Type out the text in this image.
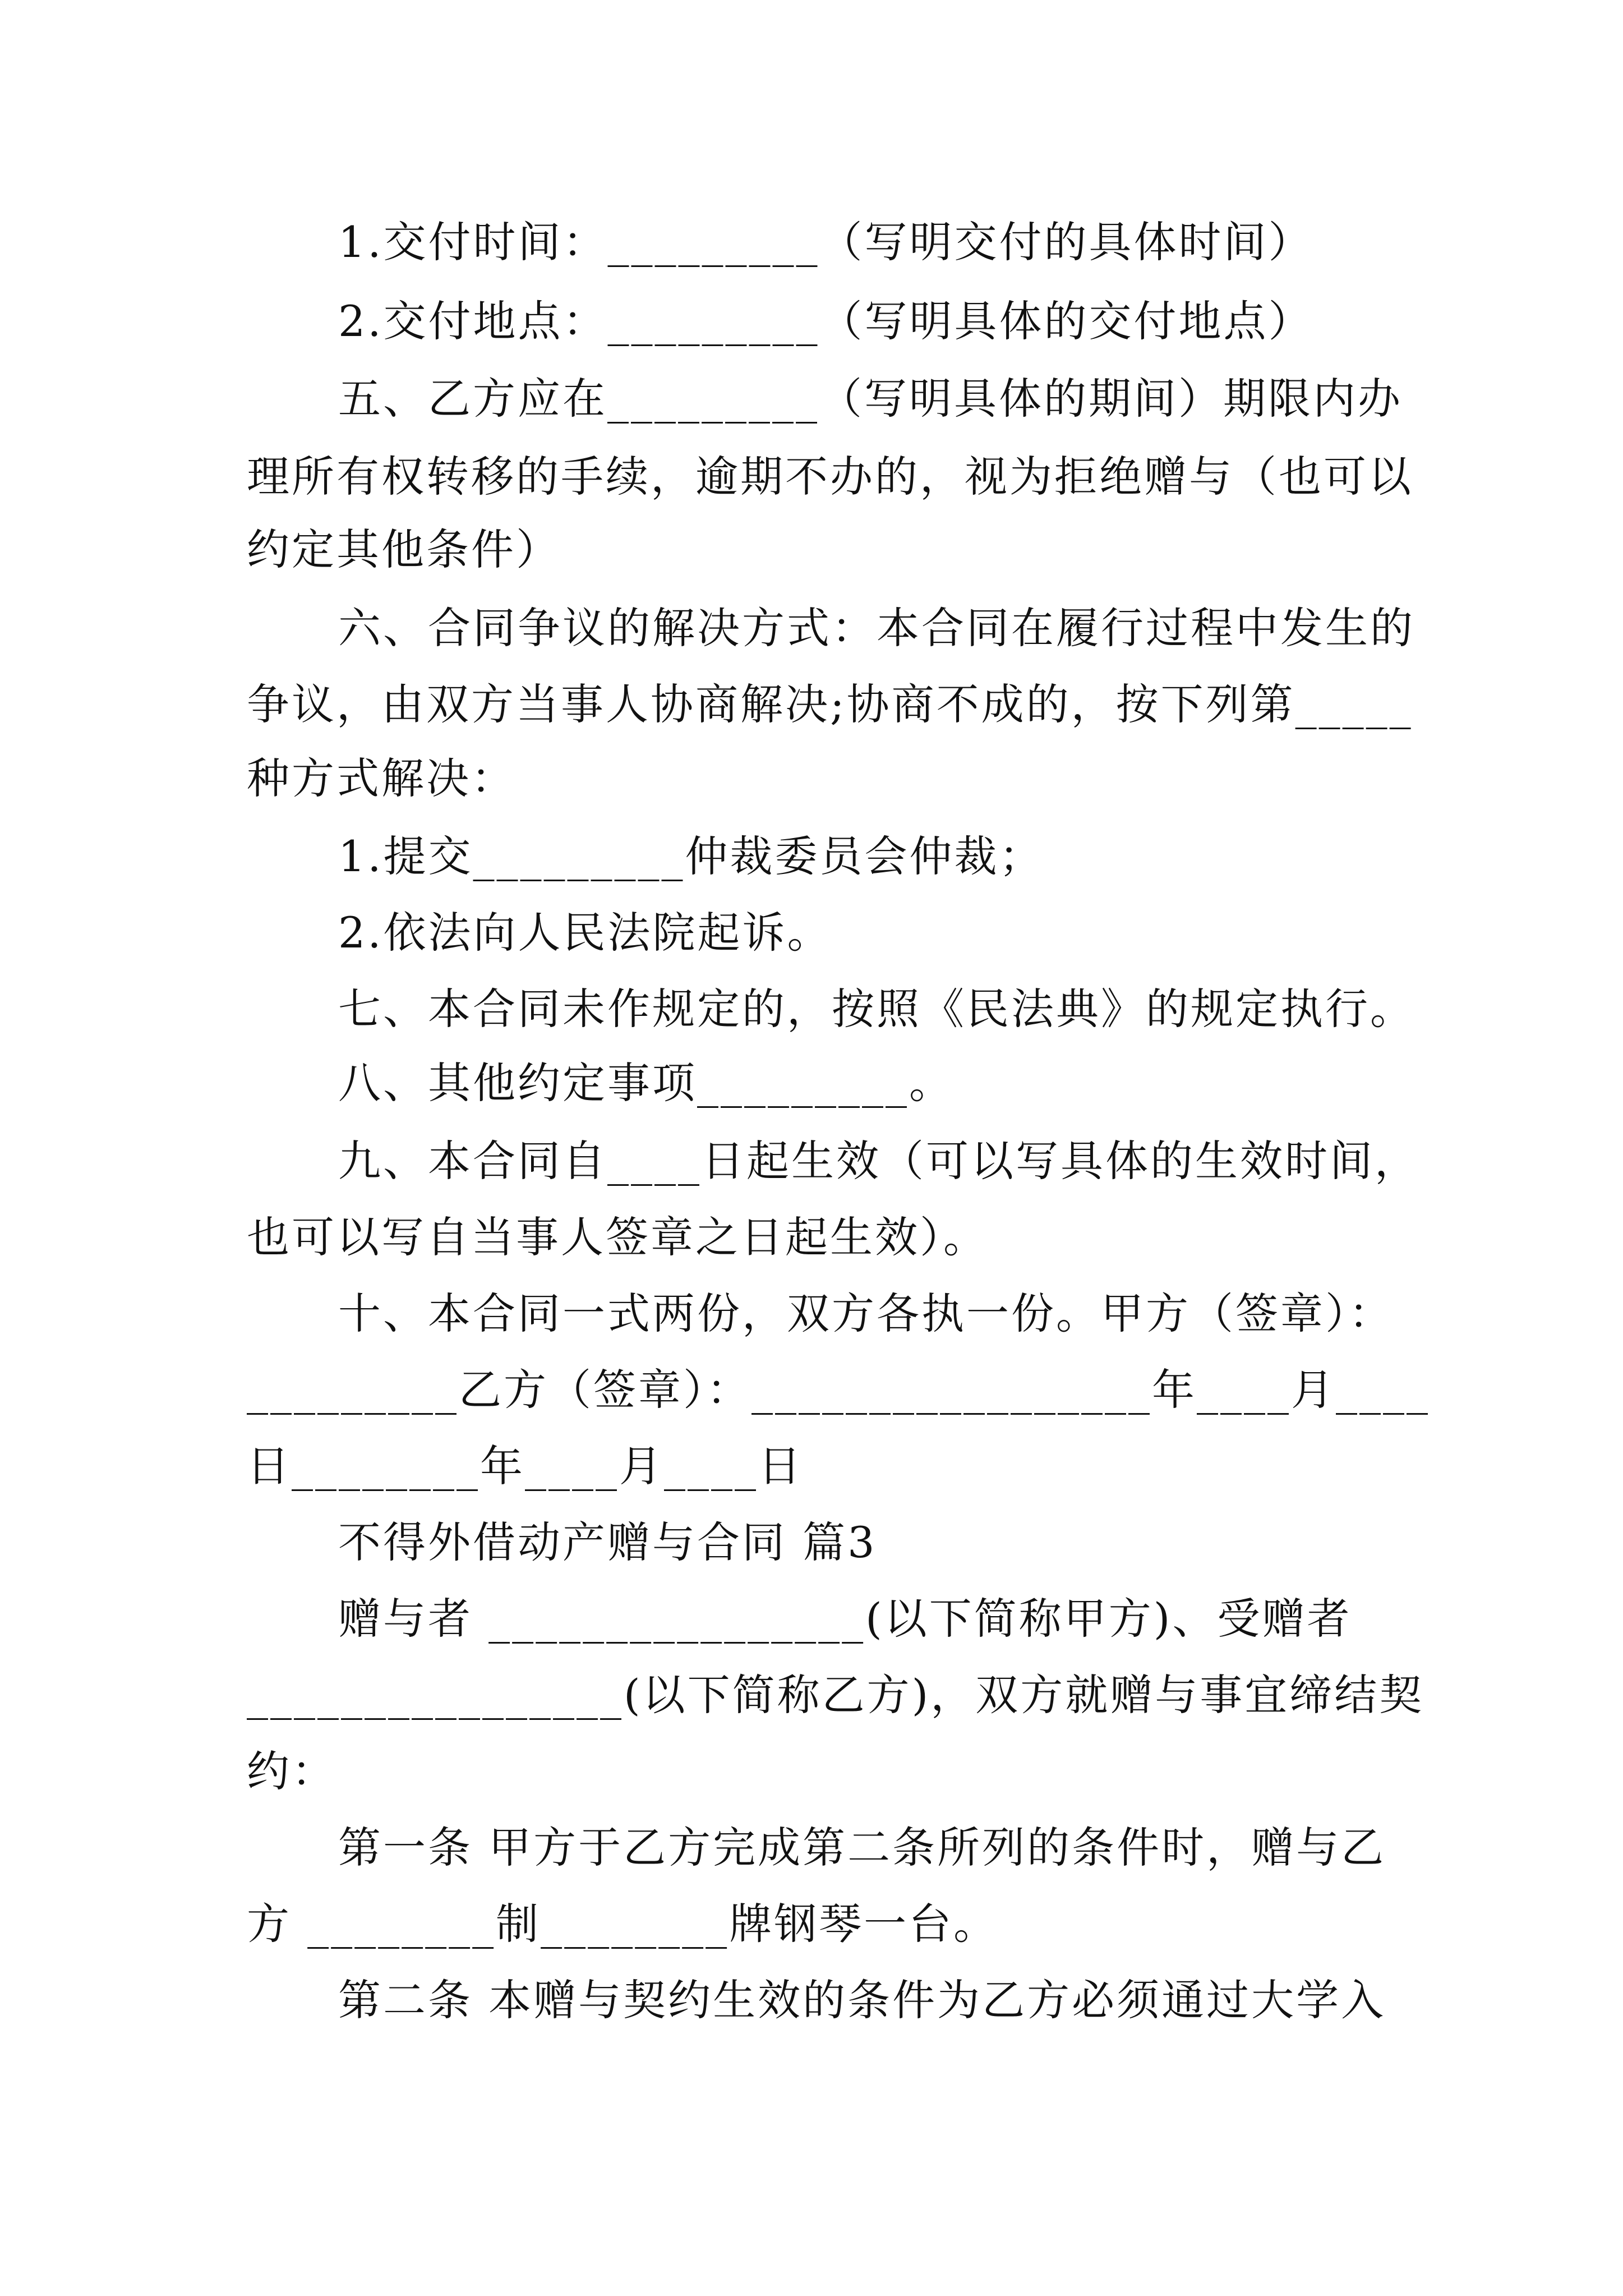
1.交付时间：_________（写明交付的具体时间）
2.交付地点：_________（写明具体的交付地点）
五、乙方应在_________（写明具体的期间）期限内办
理所有权转移的手续，逾期不办的，视为拒绝赠与（也可以
约定其他条件）
六、合同争议的解决方式：本合同在履行过程中发生的
争议，由双方当事人协商解决;协商不成的，按下列第_____
种方式解决：
1.提交_________仲裁委员会仲裁；
2.依法向人民法院起诉。
七、本合同未作规定的，按照《民法典》的规定执行。
八、其他约定事项_________。
九、本合同自____日起生效（可以写具体的生效时间，
也可以写自当事人签章之日起生效）。
十、本合同一式两份，双方各执一份。甲方（签章）：
_________乙方（签章）：_________________年____月____
日________年____月____日
不得外借动产赠与合同 篇3
赠与者 ________________(以下简称甲方)、受赠者
________________(以下简称乙方)，双方就赠与事宜缔结契
约：
第一条 甲方于乙方完成第二条所列的条件时，赠与乙
方 ________制________牌钢琴一台。
第二条 本赠与契约生效的条件为乙方必须通过大学入
